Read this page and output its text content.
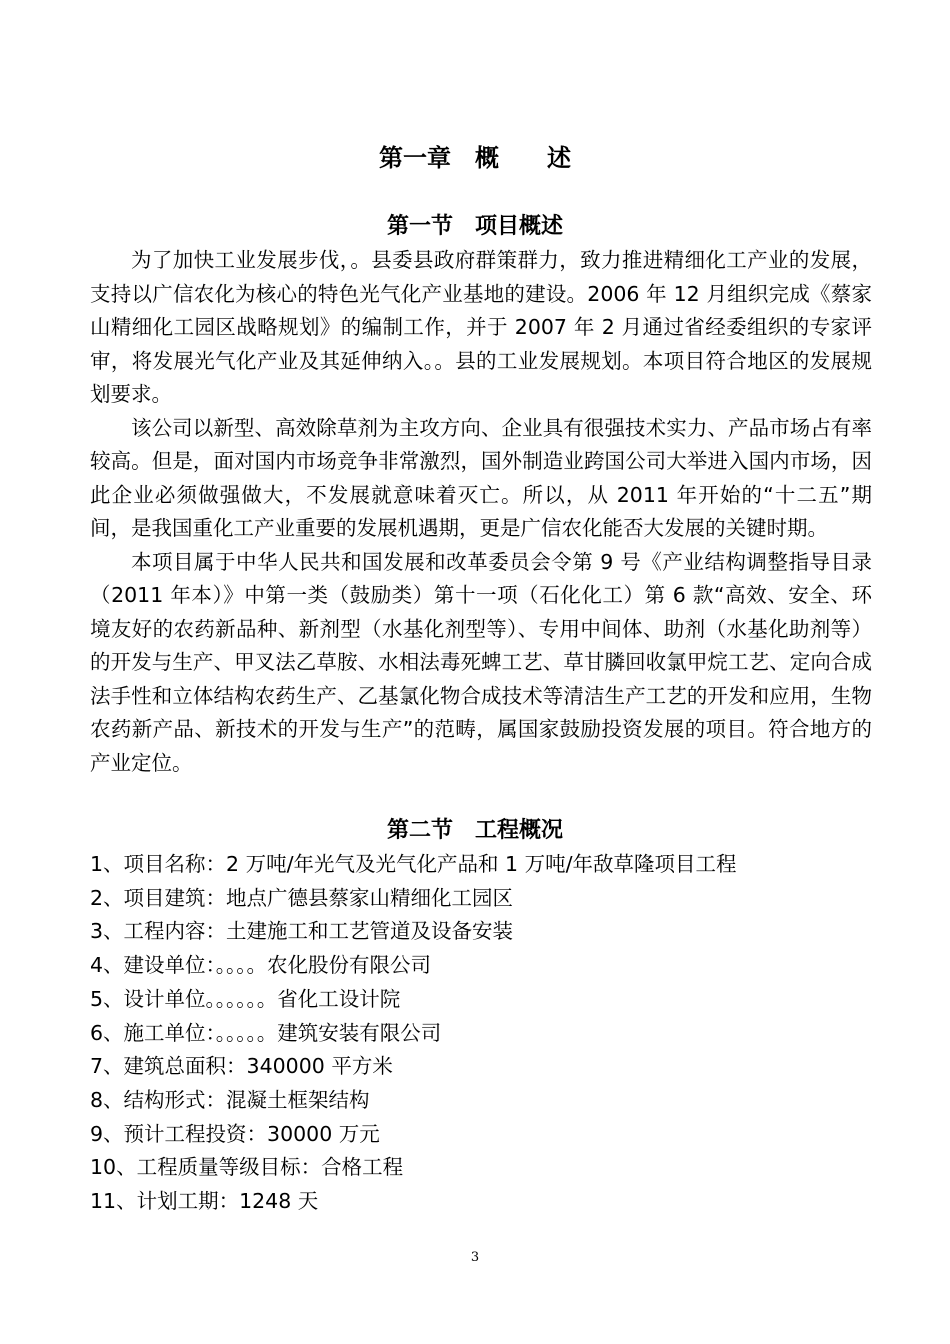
第一章　概　　述
第一节　项目概述

为了加快工业发展步伐，。县委县政府群策群力，致力推进精细化工产业的发展，支持以广信农化为核心的特色光气化产业基地的建设。2006 年 12 月组织完成《蔡家山精细化工园区战略规划》的编制工作，并于 2007 年 2 月通过省经委组织的专家评审，将发展光气化产业及其延伸纳入。。县的工业发展规划。本项目符合地区的发展规划要求。

该公司以新型、高效除草剂为主攻方向、企业具有很强技术实力、产品市场占有率较高。但是，面对国内市场竞争非常激烈，国外制造业跨国公司大举进入国内市场，因此企业必须做强做大，不发展就意味着灭亡。所以，从 2011 年开始的“十二五”期间，是我国重化工产业重要的发展机遇期，更是广信农化能否大发展的关键时期。

本项目属于中华人民共和国发展和改革委员会令第 9 号《产业结构调整指导目录（2011 年本）》中第一类（鼓励类）第十一项（石化化工）第 6 款“高效、安全、环境友好的农药新品种、新剂型（水基化剂型等）、专用中间体、助剂（水基化助剂等）的开发与生产、甲叉法乙草胺、水相法毒死蜱工艺、草甘膦回收氯甲烷工艺、定向合成法手性和立体结构农药生产、乙基氯化物合成技术等清洁生产工艺的开发和应用，生物农药新产品、新技术的开发与生产”的范畴，属国家鼓励投资发展的项目。符合地方的产业定位。

第二节　工程概况
1、项目名称：2 万吨/年光气及光气化产品和 1 万吨/年敌草隆项目工程
2、项目建筑：地点广德县蔡家山精细化工园区
3、工程内容：土建施工和工艺管道及设备安装
4、建设单位：。。。。农化股份有限公司
5、设计单位。。。。。。省化工设计院
6、施工单位：。。。。。建筑安装有限公司
7、建筑总面积：340000 平方米
8、结构形式：混凝土框架结构
9、预计工程投资：30000 万元
10、工程质量等级目标：合格工程
11、计划工期：1248 天
3
